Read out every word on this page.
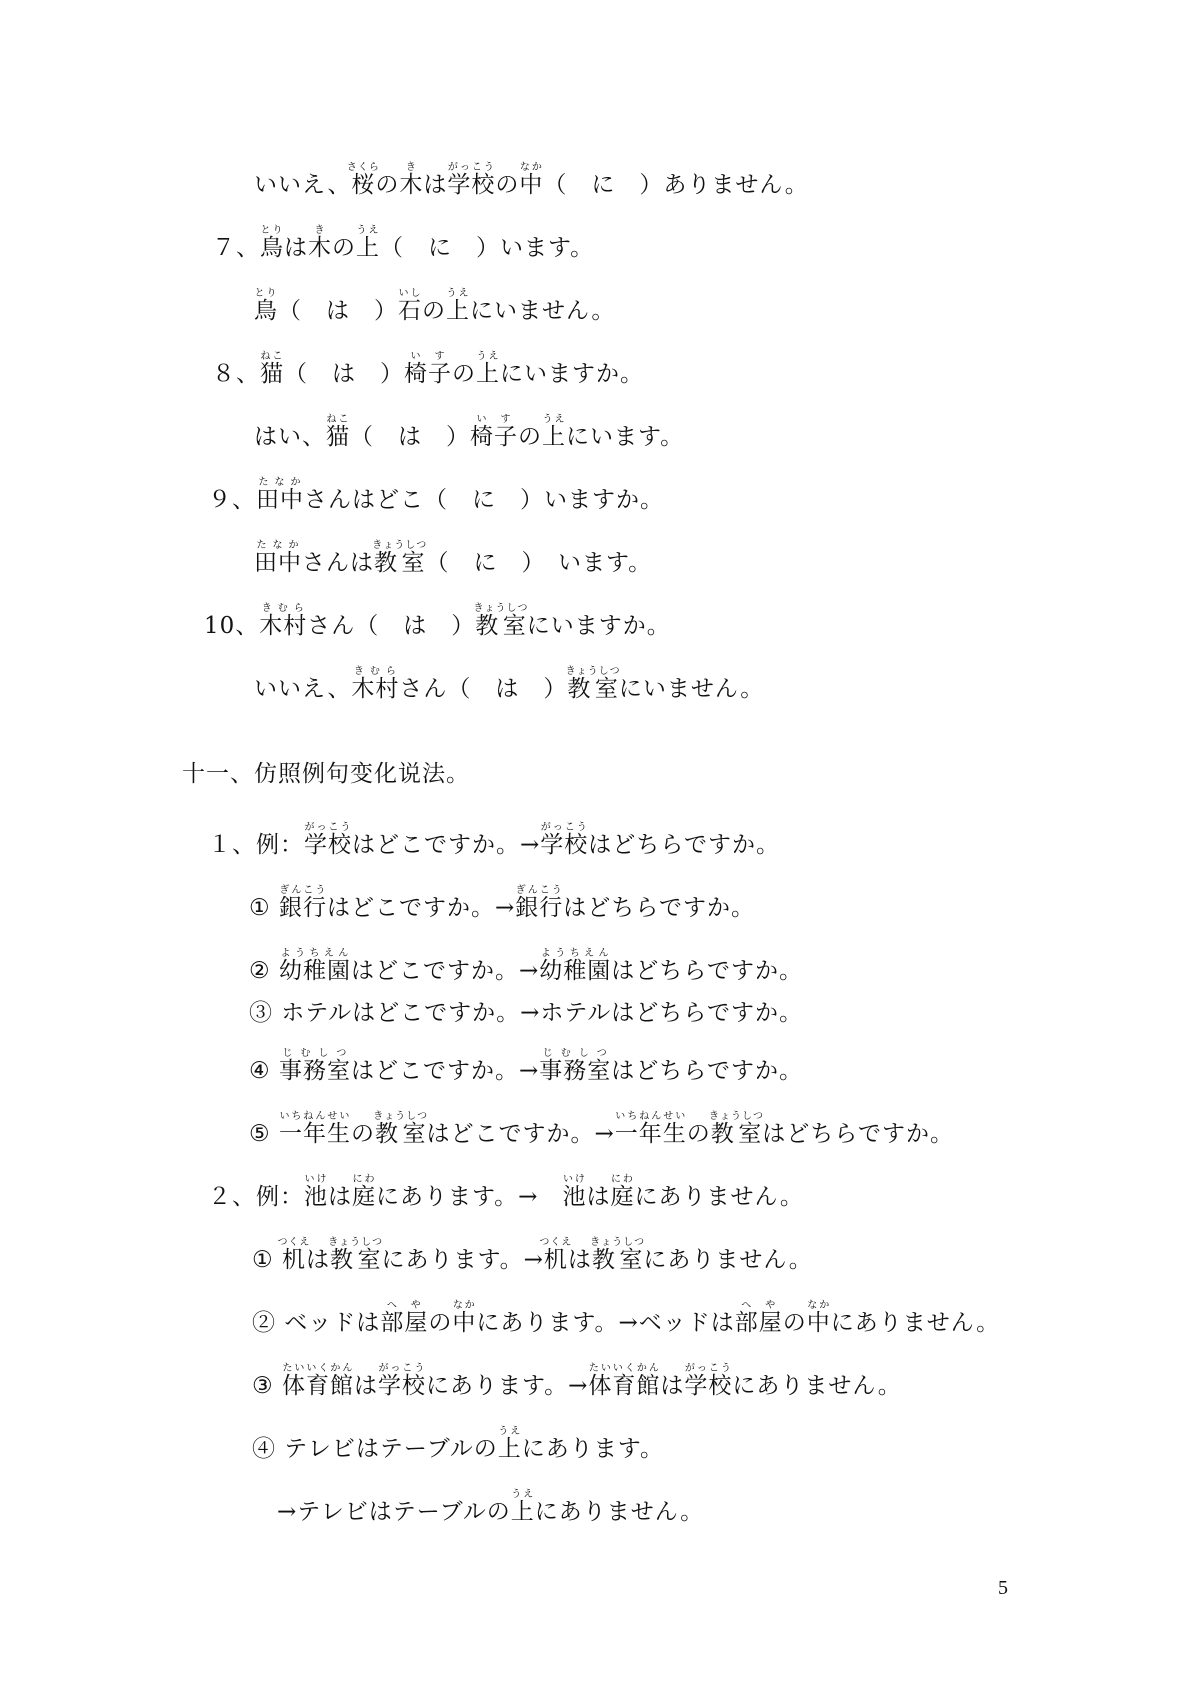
いいえ、桜さくらの木きは学校がっこうの中なか（　に　）ありません。
７、鳥とりは木きの上うえ（　に　）います。
鳥とり（　は　）石いしの上うえにいません。
８、猫ねこ（　は　）椅子いすの上うえにいますか。
はい、猫ねこ（　は　）椅子いすの上うえにいます。
９、田中たなかさんはどこ（　に　）いますか。
田中たなかさんは教室きょうしつ（　に　）　います。
10、木村きむらさん（　は　）教室きょうしつにいますか。
いいえ、木村きむらさん（　は　）教室きょうしつにいません。
十一、仿照例句变化说法。
１、例：学校がっこうはどこですか。→学校がっこうはどちらですか。
① 銀行ぎんこうはどこですか。→銀行ぎんこうはどちらですか。
② 幼稚園ようちえんはどこですか。→幼稚園ようちえんはどちらですか。
③ ホテルはどこですか。→ホテルはどちらですか。
④ 事務室じむしつはどこですか。→事務室じむしつはどちらですか。
⑤ 一年生いちねんせいの教室きょうしつはどこですか。→一年生いちねんせいの教室きょうしつはどちらですか。
２、例：池いけは庭にわにあります。→　池いけは庭にわにありません。
① 机つくえは教室きょうしつにあります。→机つくえは教室きょうしつにありません。
② ベッドは部屋へやの中なかにあります。→ベッドは部屋へやの中なかにありません。
③ 体育館たいいくかんは学校がっこうにあります。→体育館たいいくかんは学校がっこうにありません。
④ テレビはテーブルの上うえにあります。
→テレビはテーブルの上うえにありません。
5
